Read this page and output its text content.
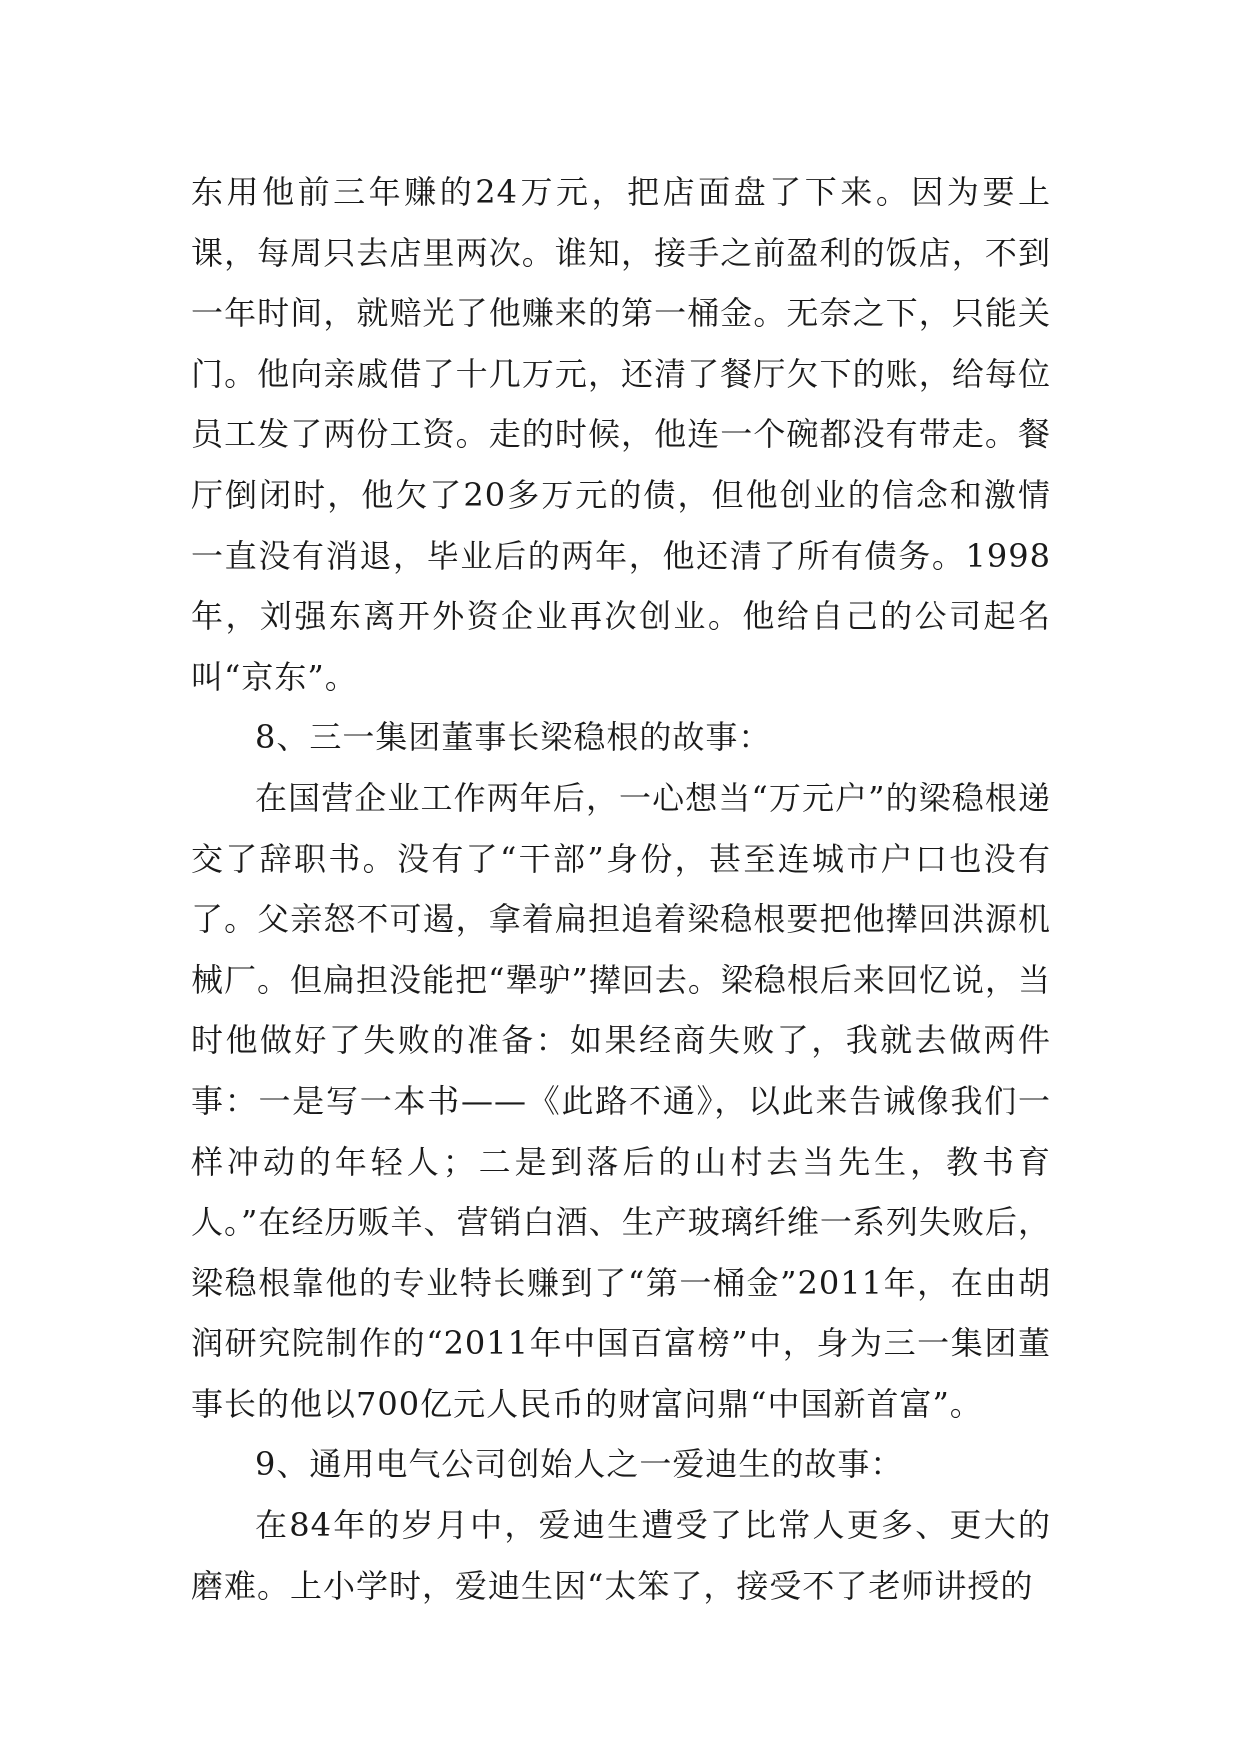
东用他前三年赚的24万元，把店面盘了下来。因为要上课，每周只去店里两次。谁知，接手之前盈利的饭店，不到一年时间，就赔光了他赚来的第一桶金。无奈之下，只能关门。他向亲戚借了十几万元，还清了餐厅欠下的账，给每位员工发了两份工资。走的时候，他连一个碗都没有带走。餐厅倒闭时，他欠了20多万元的债，但他创业的信念和激情一直没有消退，毕业后的两年，他还清了所有债务。1998年，刘强东离开外资企业再次创业。他给自己的公司起名叫“京东”。

8、三一集团董事长梁稳根的故事：

在国营企业工作两年后，一心想当“万元户”的梁稳根递交了辞职书。没有了“干部”身份，甚至连城市户口也没有了。父亲怒不可遏，拿着扁担追着梁稳根要把他撵回洪源机械厂。但扁担没能把“犟驴”撵回去。梁稳根后来回忆说，当时他做好了失败的准备：如果经商失败了，我就去做两件事：一是写一本书——《此路不通》，以此来告诫像我们一样冲动的年轻人；二是到落后的山村去当先生，教书育人。”在经历贩羊、营销白酒、生产玻璃纤维一系列失败后，梁稳根靠他的专业特长赚到了“第一桶金”2011年，在由胡润研究院制作的“2011年中国百富榜”中，身为三一集团董事长的他以700亿元人民币的财富问鼎“中国新首富”。

9、通用电气公司创始人之一爱迪生的故事：

在84年的岁月中，爱迪生遭受了比常人更多、更大的磨难。上小学时，爱迪生因“太笨了，接受不了老师讲授的
